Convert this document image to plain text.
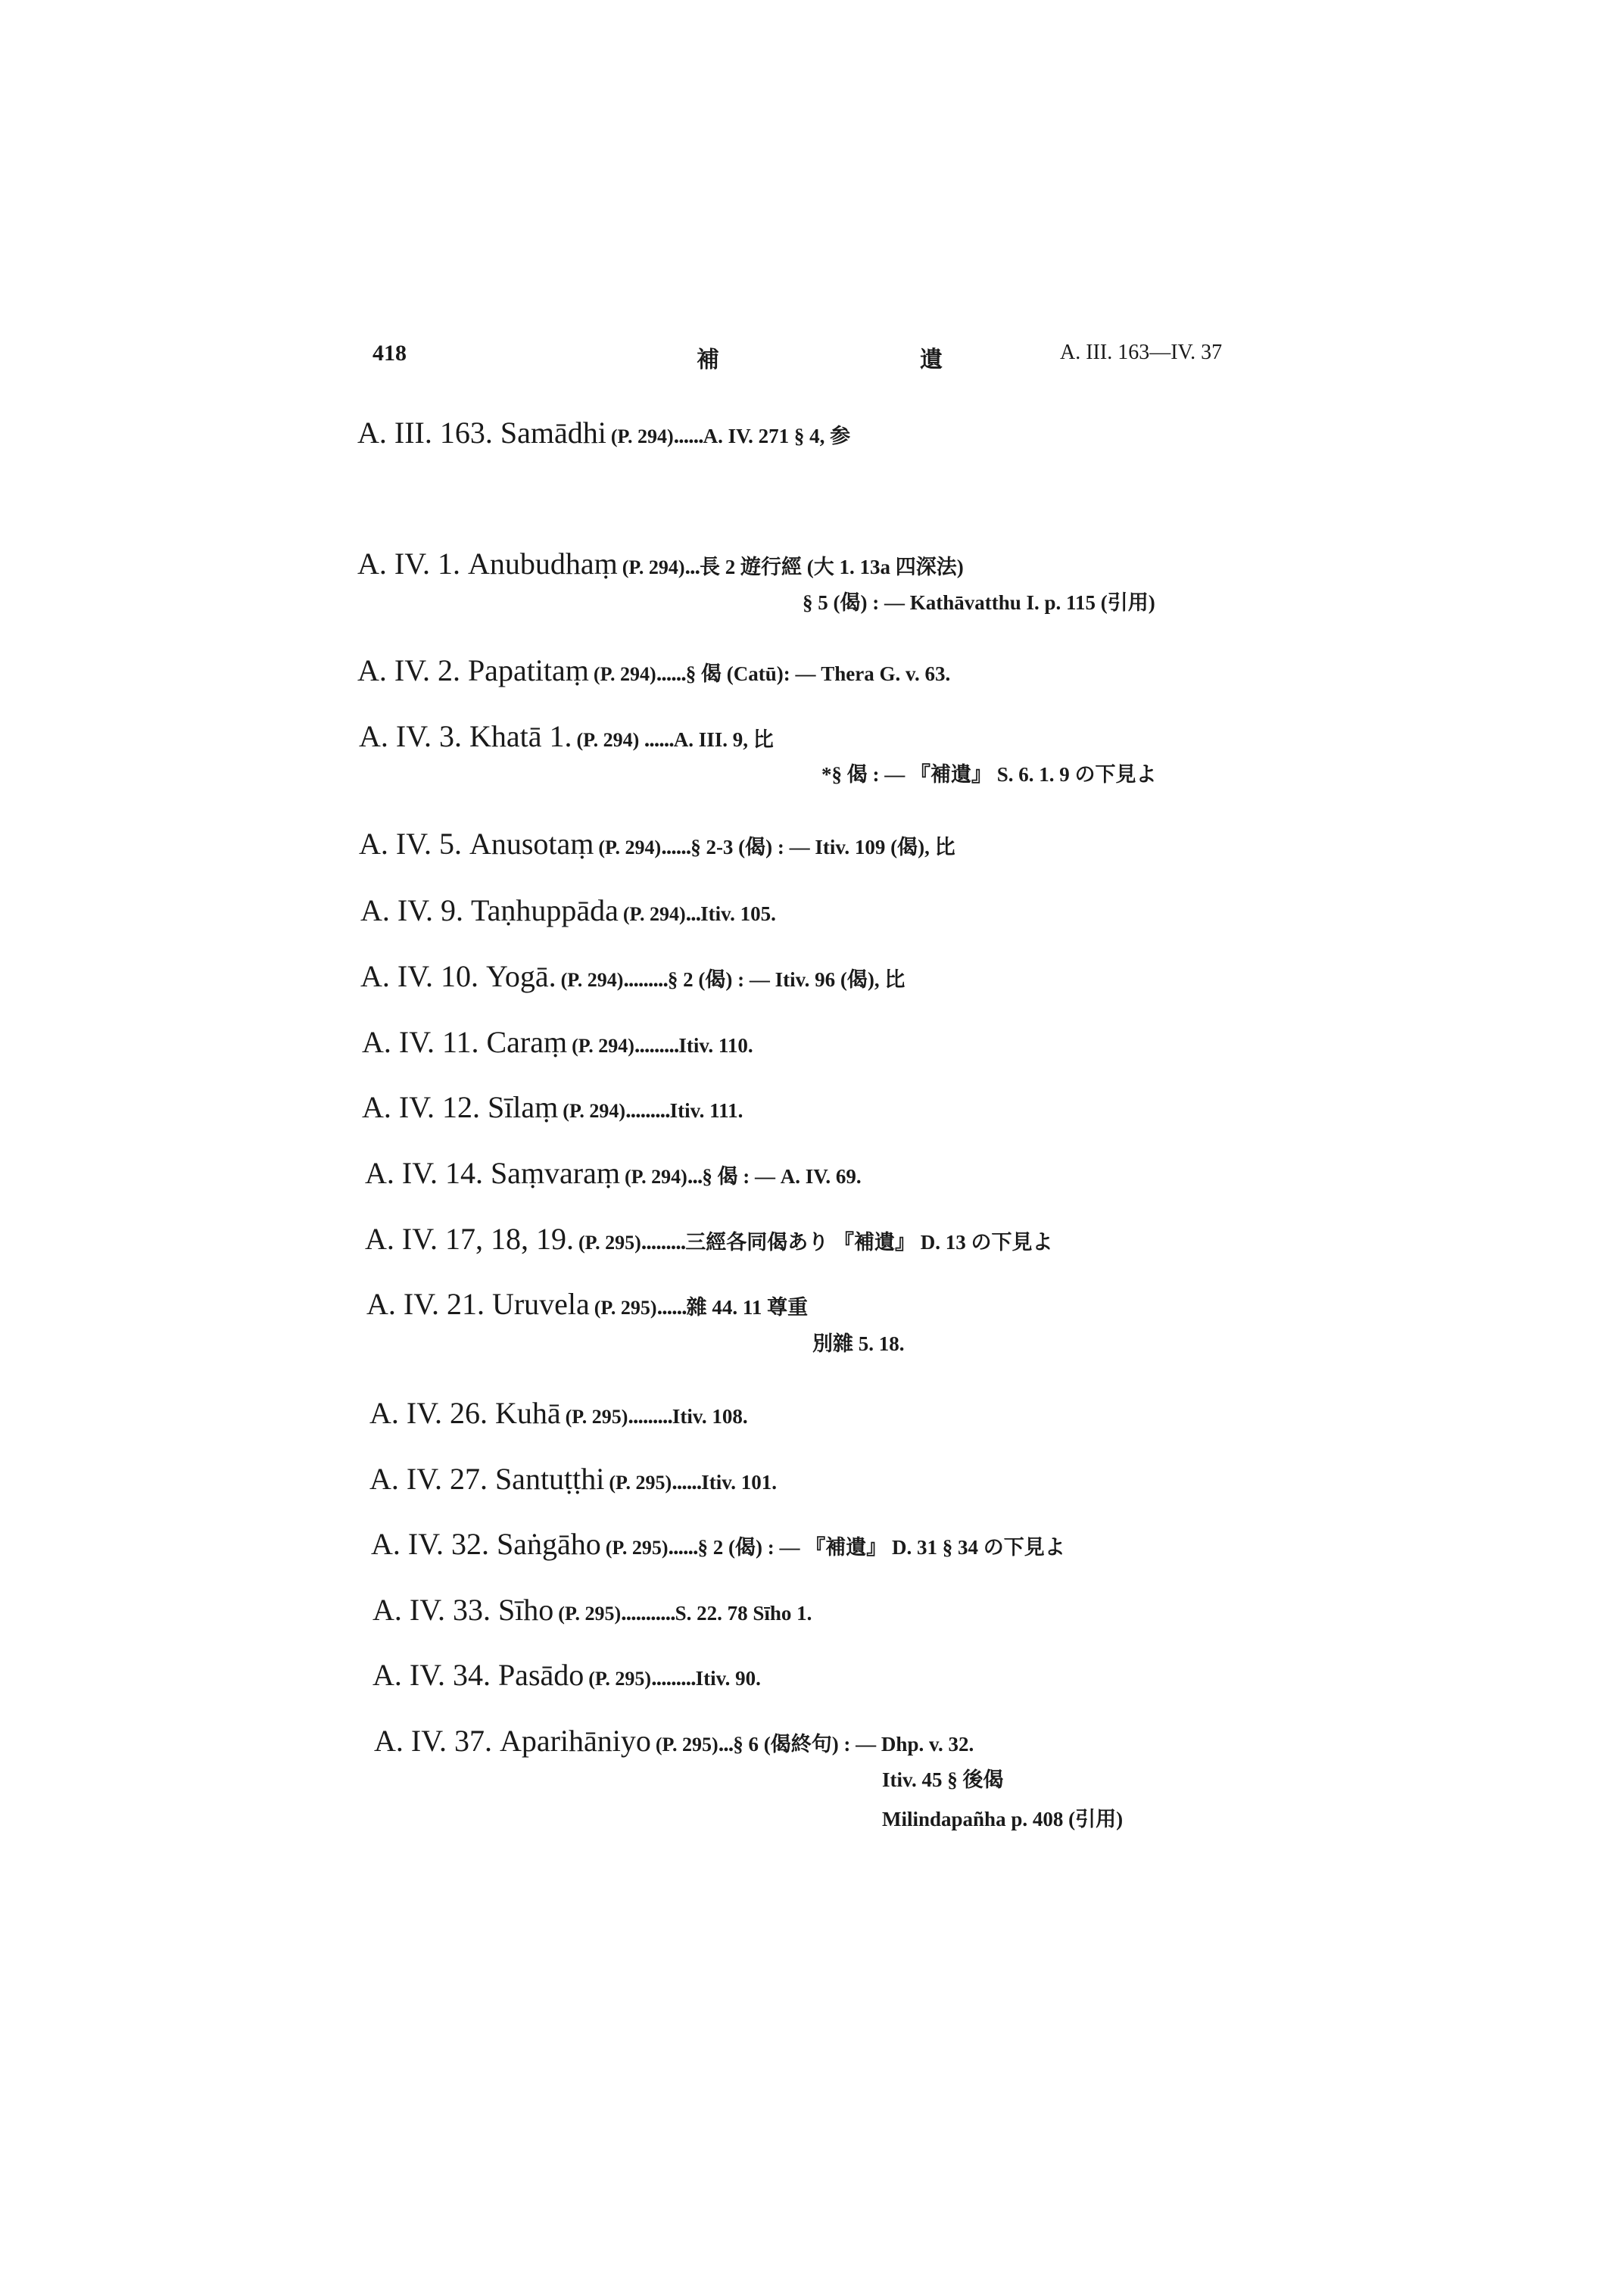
418	補	遺	A. III. 163—IV. 37
A. III. 163. Samādhi (P. 294)......A. IV. 271 § 4, 参
A. IV. 1. Anubudhaṃ (P. 294)...長 2 遊行經 (大 1. 13a 四深法)
§ 5 (偈) : — Kathāvatthu I. p. 115 (引用)
A. IV. 2. Papatitaṃ (P. 294)......§ 偈 (Catū): — Thera G. v. 63.
A. IV. 3. Khatā 1. (P. 294) ......A. III. 9, 比
*§ 偈 : — 『補遺』 S. 6. 1. 9 の下見よ
A. IV. 5. Anusotaṃ (P. 294)......§ 2-3 (偈) : — Itiv. 109 (偈), 比
A. IV. 9. Taṇhuppāda (P. 294)...Itiv. 105.
A. IV. 10. Yogā. (P. 294).........§ 2 (偈) : — Itiv. 96 (偈), 比
A. IV. 11. Caraṃ (P. 294).........Itiv. 110.
A. IV. 12. Sīlaṃ (P. 294).........Itiv. 111.
A. IV. 14. Saṃvaraṃ (P. 294)...§ 偈 : — A. IV. 69.
A. IV. 17, 18, 19. (P. 295).........三經各同偈あり 『補遺』 D. 13 の下見よ
A. IV. 21. Uruvela (P. 295)......雜 44. 11 尊重
別雜 5. 18.
A. IV. 26. Kuhā (P. 295).........Itiv. 108.
A. IV. 27. Santuṭṭhi (P. 295)......Itiv. 101.
A. IV. 32. Saṅgāho (P. 295)......§ 2 (偈) : — 『補遺』 D. 31 § 34 の下見よ
A. IV. 33. Sīho (P. 295)...........S. 22. 78 Sīho 1.
A. IV. 34. Pasādo (P. 295).........Itiv. 90.
A. IV. 37. Aparihāniyo (P. 295)...§ 6 (偈終句) : — Dhp. v. 32.
Itiv. 45 § 後偈
Milindapañha p. 408 (引用)
